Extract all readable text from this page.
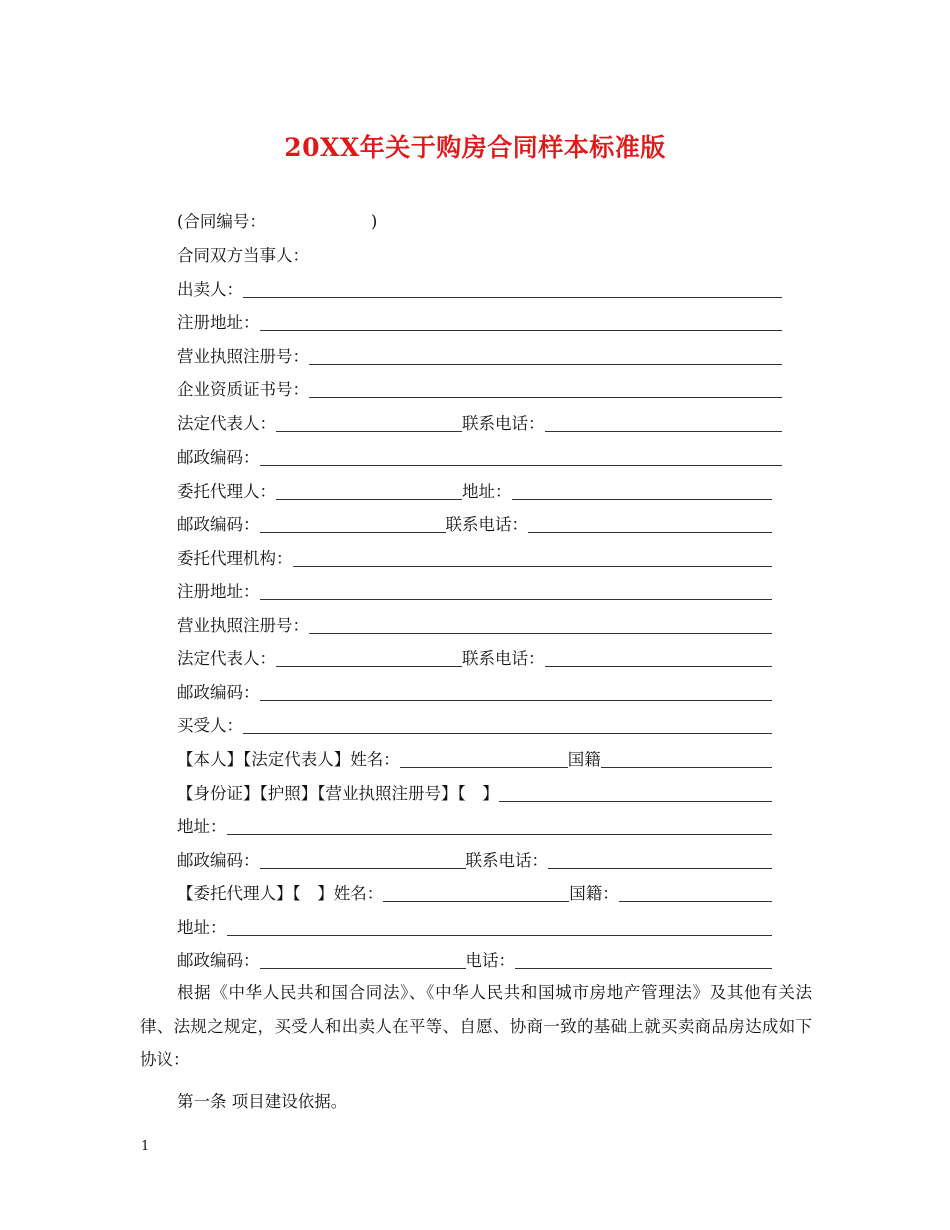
20XX年关于购房合同样本标准版
(合同编号：                    )
合同双方当事人：
出卖人：
注册地址：
营业执照注册号：
企业资质证书号：
法定代表人：	联系电话：
邮政编码：
委托代理人：	地址：
邮政编码：	联系电话：
委托代理机构：
注册地址：
营业执照注册号：
法定代表人：	联系电话：
邮政编码：
买受人：
【本人】【法定代表人】姓名：	国籍
【身份证】【护照】【营业执照注册号】【　】
地址：
邮政编码：	联系电话：
【委托代理人】【　】姓名：	国籍：
地址：
邮政编码：	电话：
根据《中华人民共和国合同法》、《中华人民共和国城市房地产管理法》及其他有关法律、法规之规定，买受人和出卖人在平等、自愿、协商一致的基础上就买卖商品房达成如下协议：
第一条 项目建设依据。
1
